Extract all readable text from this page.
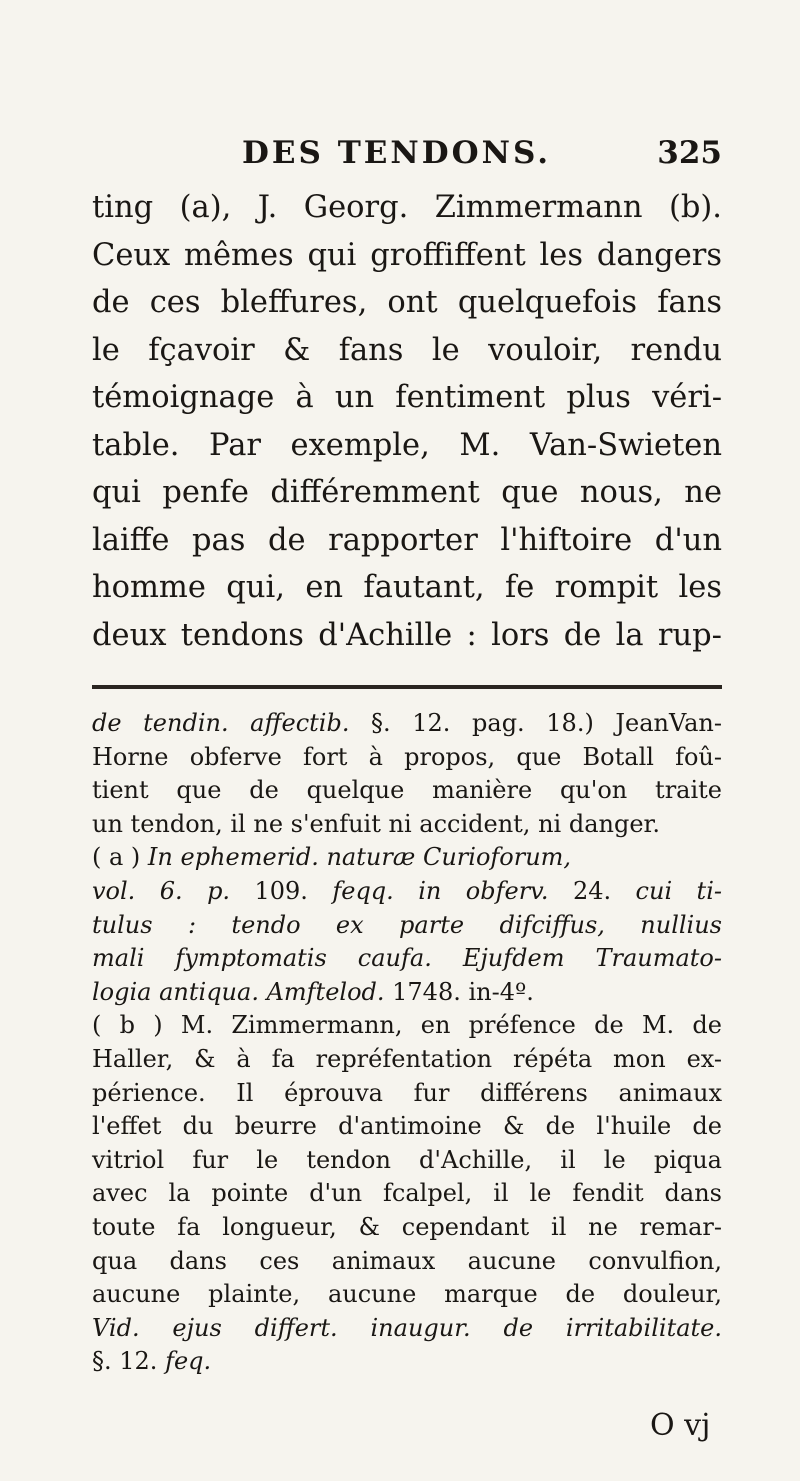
DES TENDONS.	325
ting (a), J. Georg. Zimmermann (b).
Ceux mêmes qui groffiffent les dangers
de ces bleffures, ont quelquefois fans
le fçavoir & fans le vouloir, rendu
témoignage à un fentiment plus véri-
table. Par exemple, M. Van-Swieten
qui penfe différemment que nous, ne
laiffe pas de rapporter l'hiftoire d'un
homme qui, en fautant, fe rompit les
deux tendons d'Achille : lors de la rup-
de tendin. affectib. §. 12. pag. 18.) JeanVan-
Horne obferve fort à propos, que Botall foû-
tient que de quelque manière qu'on traite
un tendon, il ne s'enfuit ni accident, ni danger.
( a ) In ephemerid. naturæ Curioforum,
vol. 6. p. 109. feqq. in obferv. 24. cui ti-
tulus : tendo ex parte difciffus, nullius
mali fymptomatis caufa. Ejufdem Traumato-
logia antiqua. Amftelod. 1748. in-4º.
( b ) M. Zimmermann, en préfence de M. de
Haller, & à fa repréfentation répéta mon ex-
périence. Il éprouva fur différens animaux
l'effet du beurre d'antimoine & de l'huile de
vitriol fur le tendon d'Achille, il le piqua
avec la pointe d'un fcalpel, il le fendit dans
toute fa longueur, & cependant il ne remar-
qua dans ces animaux aucune convulfion,
aucune plainte, aucune marque de douleur,
Vid. ejus differt. inaugur. de irritabilitate.
§. 12. feq.
O vj
